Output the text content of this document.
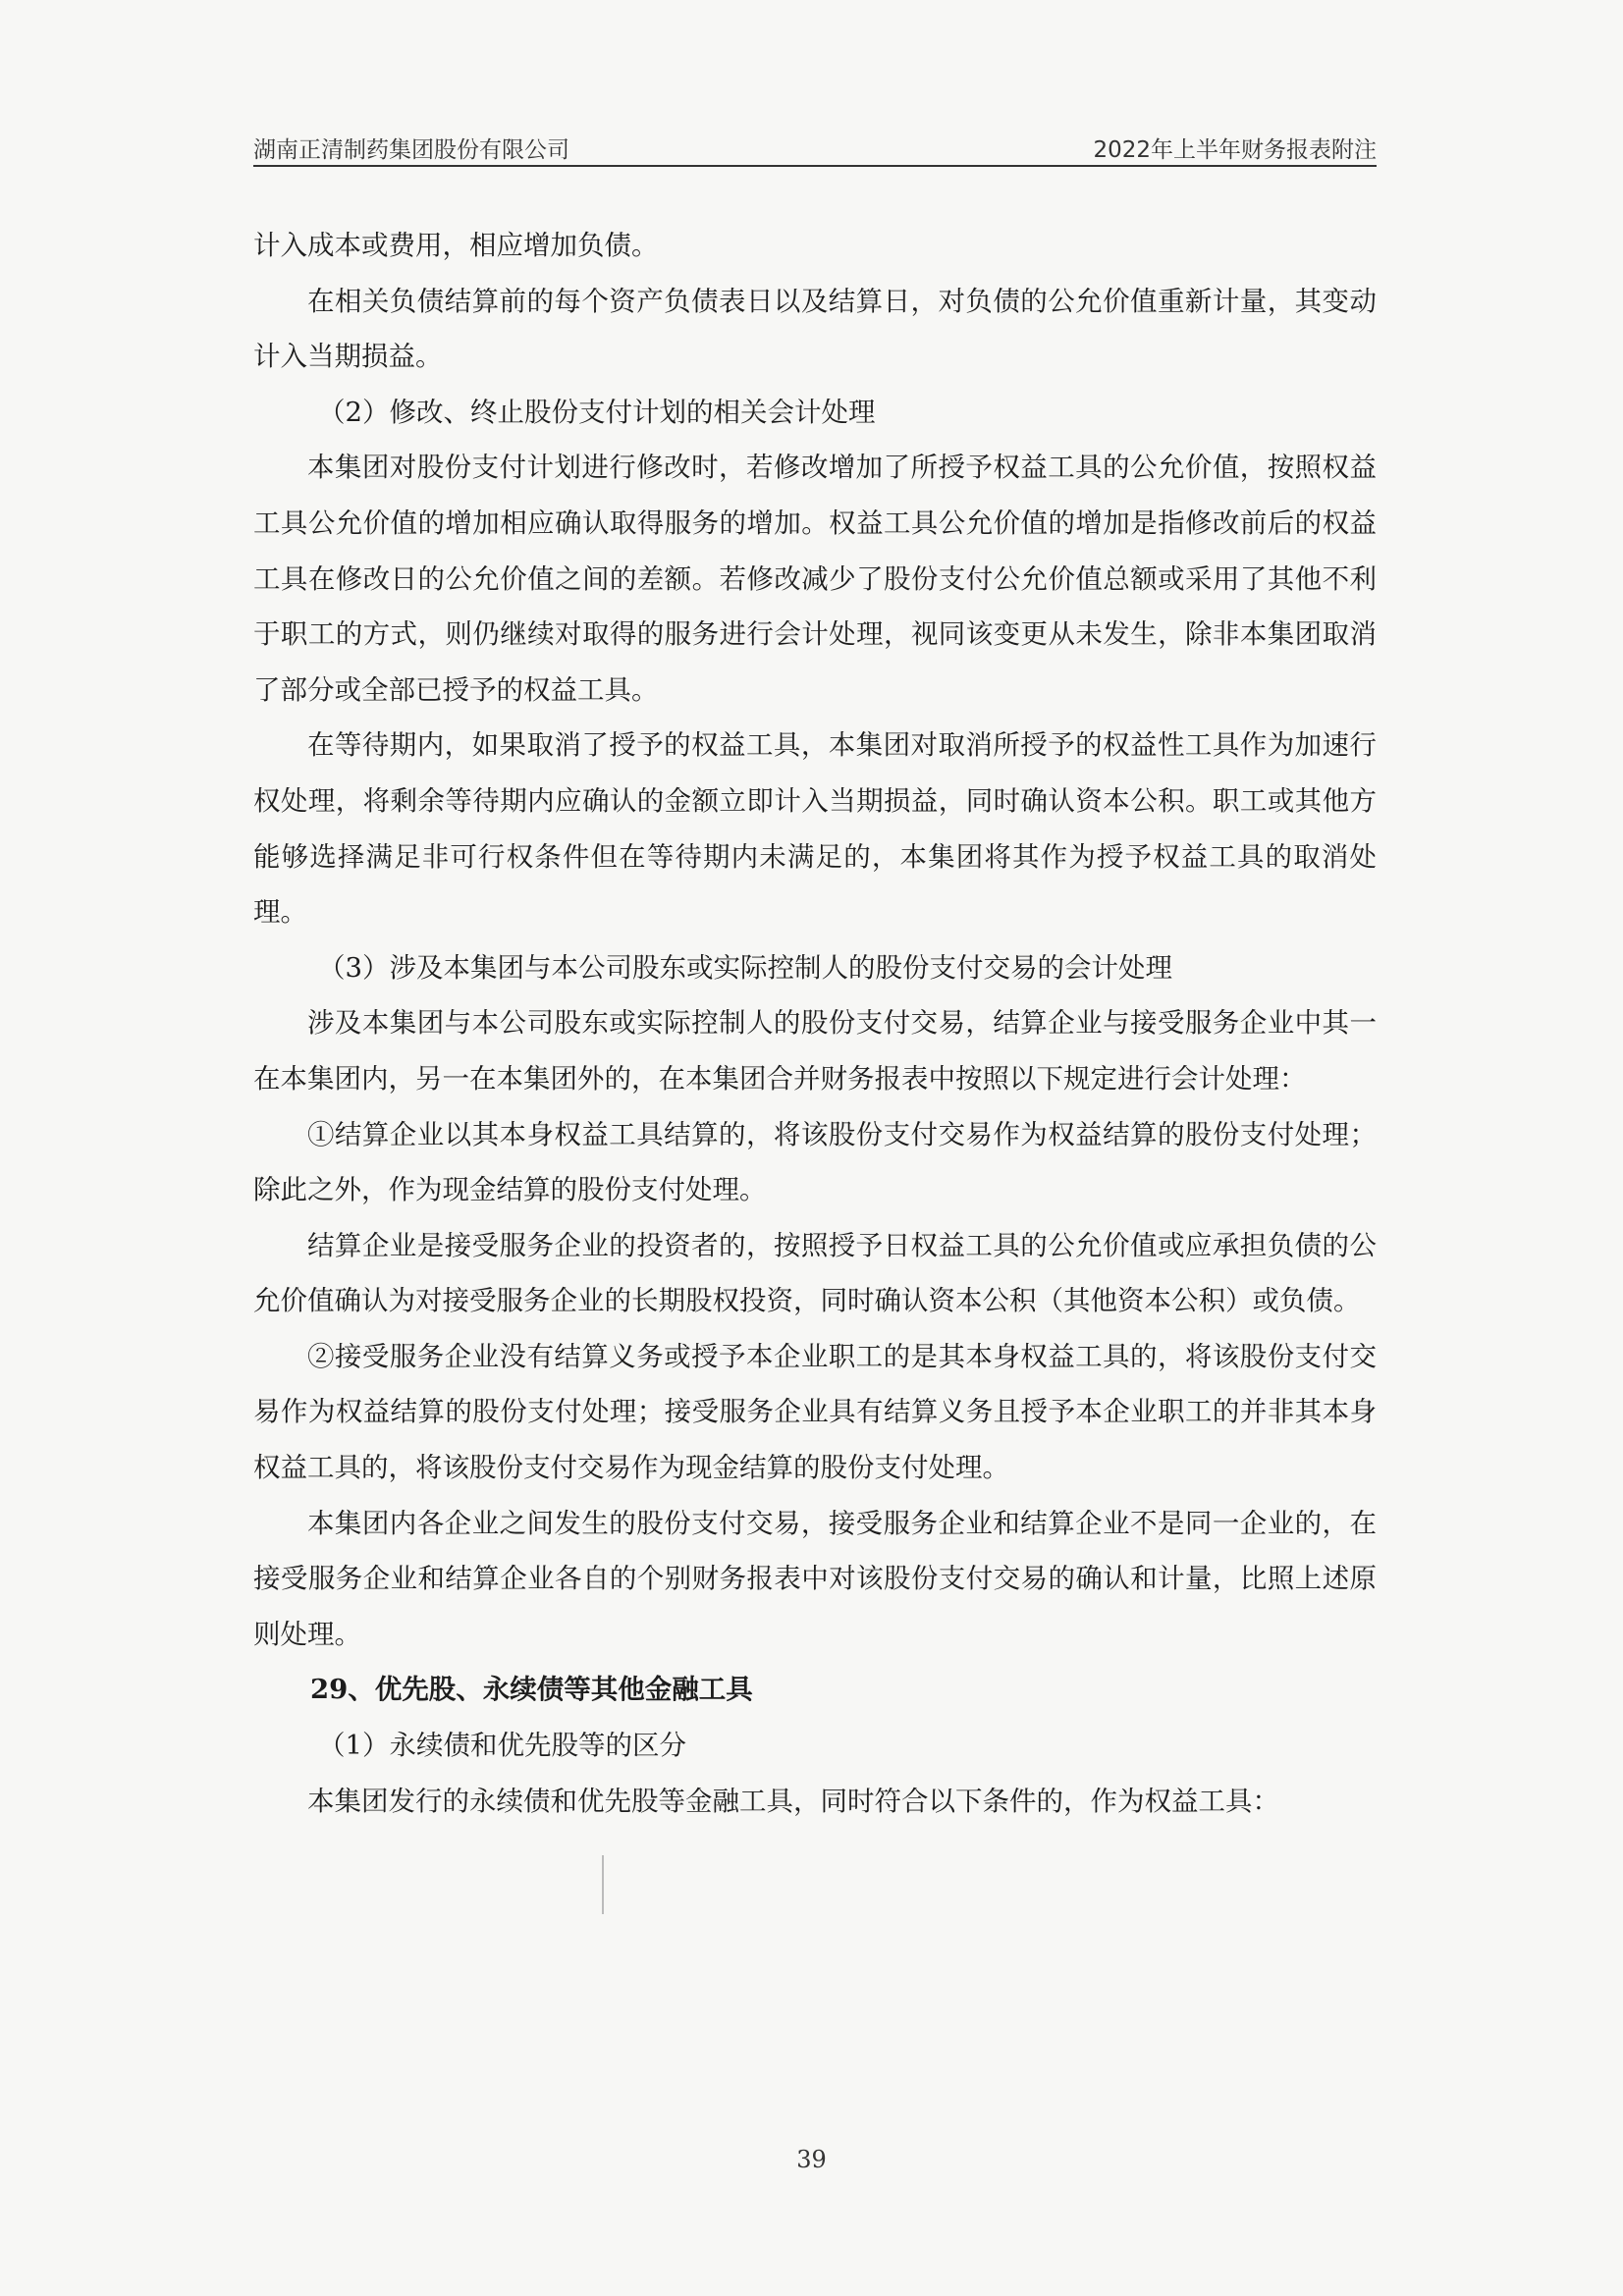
湖南正清制药集团股份有限公司	2022年上半年财务报表附注

计入成本或费用，相应增加负债。

在相关负债结算前的每个资产负债表日以及结算日，对负债的公允价值重新计量，其变动计入当期损益。

（2）修改、终止股份支付计划的相关会计处理

本集团对股份支付计划进行修改时，若修改增加了所授予权益工具的公允价值，按照权益工具公允价值的增加相应确认取得服务的增加。权益工具公允价值的增加是指修改前后的权益工具在修改日的公允价值之间的差额。若修改减少了股份支付公允价值总额或采用了其他不利于职工的方式，则仍继续对取得的服务进行会计处理，视同该变更从未发生，除非本集团取消了部分或全部已授予的权益工具。

在等待期内，如果取消了授予的权益工具，本集团对取消所授予的权益性工具作为加速行权处理，将剩余等待期内应确认的金额立即计入当期损益，同时确认资本公积。职工或其他方能够选择满足非可行权条件但在等待期内未满足的，本集团将其作为授予权益工具的取消处理。

（3）涉及本集团与本公司股东或实际控制人的股份支付交易的会计处理

涉及本集团与本公司股东或实际控制人的股份支付交易，结算企业与接受服务企业中其一在本集团内，另一在本集团外的，在本集团合并财务报表中按照以下规定进行会计处理：

①结算企业以其本身权益工具结算的，将该股份支付交易作为权益结算的股份支付处理；除此之外，作为现金结算的股份支付处理。

结算企业是接受服务企业的投资者的，按照授予日权益工具的公允价值或应承担负债的公允价值确认为对接受服务企业的长期股权投资，同时确认资本公积（其他资本公积）或负债。

②接受服务企业没有结算义务或授予本企业职工的是其本身权益工具的，将该股份支付交易作为权益结算的股份支付处理；接受服务企业具有结算义务且授予本企业职工的并非其本身权益工具的，将该股份支付交易作为现金结算的股份支付处理。

本集团内各企业之间发生的股份支付交易，接受服务企业和结算企业不是同一企业的，在接受服务企业和结算企业各自的个别财务报表中对该股份支付交易的确认和计量，比照上述原则处理。

29、优先股、永续债等其他金融工具

（1）永续债和优先股等的区分

本集团发行的永续债和优先股等金融工具，同时符合以下条件的，作为权益工具：

39
